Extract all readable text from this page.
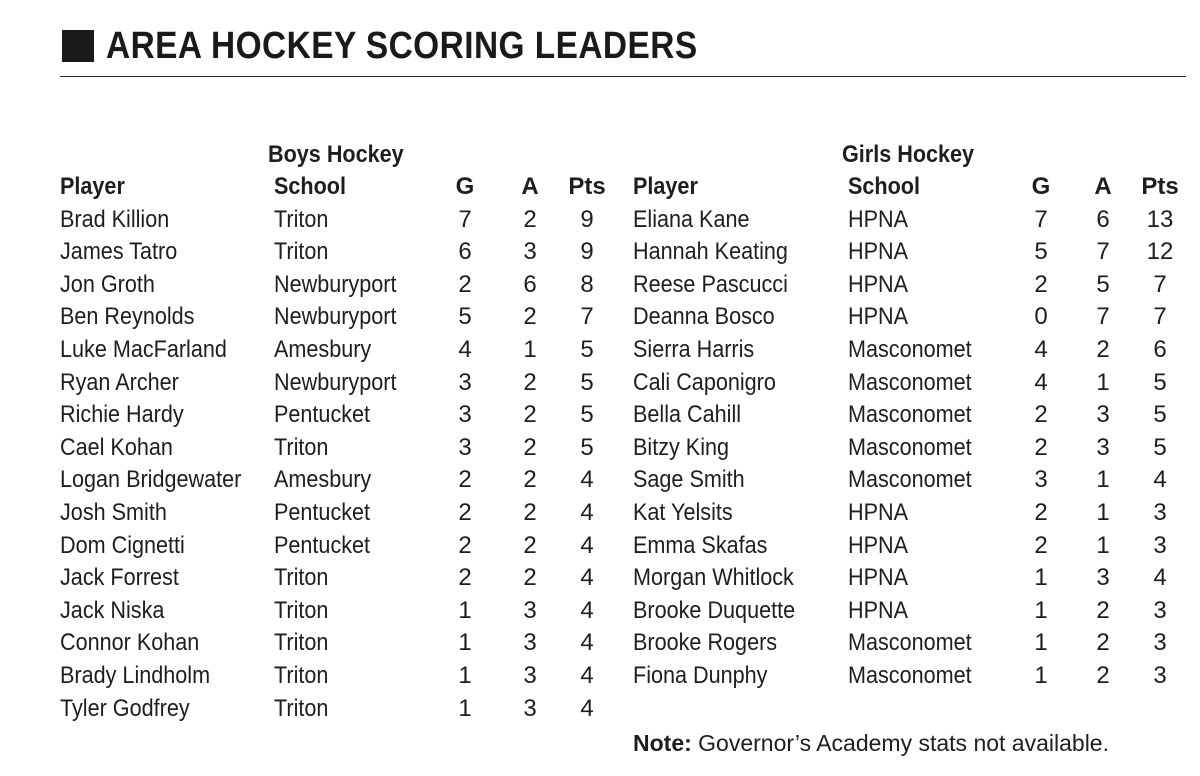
AREA HOCKEY SCORING LEADERS
Boys Hockey	Girls Hockey
Player
Brad Killion
James Tatro
Jon Groth
Ben Reynolds
Luke MacFarland
Ryan Archer
Richie Hardy
Cael Kohan
Logan Bridgewater
Josh Smith
Dom Cignetti
Jack Forrest
Jack Niska
Connor Kohan
Brady Lindholm
Tyler Godfrey
School
Triton
Triton
Newburyport
Newburyport
Amesbury
Newburyport
Pentucket
Triton
Amesbury
Pentucket
Pentucket
Triton
Triton
Triton
Triton
Triton
G
7
6
2
5
4
3
3
3
2
2
2
2
1
1
1
1
A
2
3
6
2
1
2
2
2
2
2
2
2
3
3
3
3
Pts
9
9
8
7
5
5
5
5
4
4
4
4
4
4
4
4
Player
Eliana Kane
Hannah Keating
Reese Pascucci
Deanna Bosco
Sierra Harris
Cali Caponigro
Bella Cahill
Bitzy King
Sage Smith
Kat Yelsits
Emma Skafas
Morgan Whitlock
Brooke Duquette
Brooke Rogers
Fiona Dunphy
School
HPNA
HPNA
HPNA
HPNA
Masconomet
Masconomet
Masconomet
Masconomet
Masconomet
HPNA
HPNA
HPNA
HPNA
Masconomet
Masconomet
G
7
5
2
0
4
4
2
2
3
2
2
1
1
1
1
A
6
7
5
7
2
1
3
3
1
1
1
3
2
2
2
Pts
13
12
7
7
6
5
5
5
4
3
3
4
3
3
3
Note: Governor’s Academy stats not available.
